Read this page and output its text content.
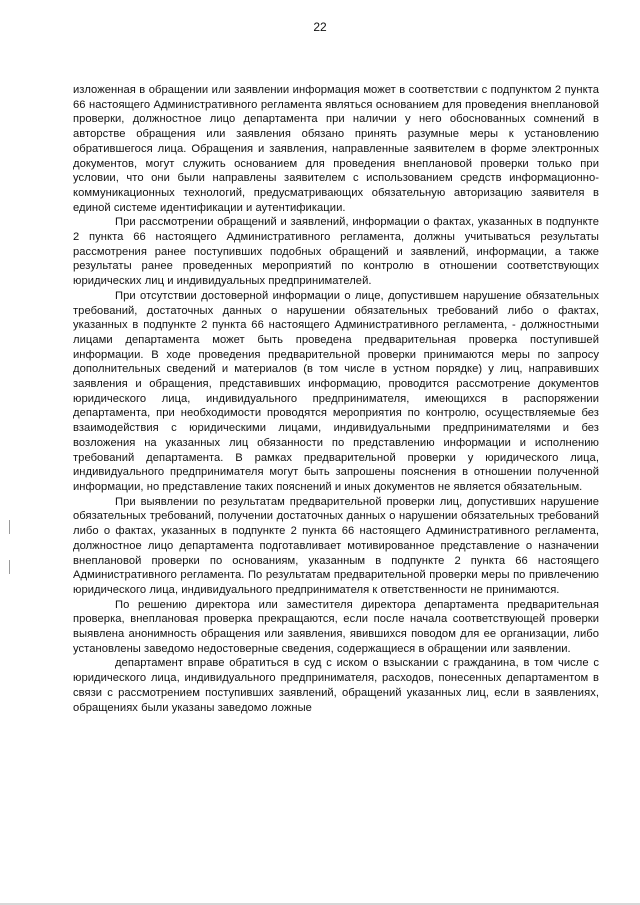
22

изложенная в обращении или заявлении информация может в соответствии с подпунктом 2 пункта 66 настоящего Административного регламента являться основанием для проведения внеплановой проверки, должностное лицо департамента при наличии у него обоснованных сомнений в авторстве обращения или заявления обязано принять разумные меры к установлению обратившегося лица. Обращения и заявления, направленные заявителем в форме электронных документов, могут служить основанием для проведения внеплановой проверки только при условии, что они были направлены заявителем с использованием средств информационно-коммуникационных технологий, предусматривающих обязательную авторизацию заявителя в единой системе идентификации и аутентификации.

При рассмотрении обращений и заявлений, информации о фактах, указанных в подпункте 2 пункта 66 настоящего Административного регламента, должны учитываться результаты рассмотрения ранее поступивших подобных обращений и заявлений, информации, а также результаты ранее проведенных мероприятий по контролю в отношении соответствующих юридических лиц и индивидуальных предпринимателей.

При отсутствии достоверной информации о лице, допустившем нарушение обязательных требований, достаточных данных о нарушении обязательных требований либо о фактах, указанных в подпункте 2 пункта 66 настоящего Административного регламента, - должностными лицами департамента может быть проведена предварительная проверка поступившей информации. В ходе проведения предварительной проверки принимаются меры по запросу дополнительных сведений и материалов (в том числе в устном порядке) у лиц, направивших заявления и обращения, представивших информацию, проводится рассмотрение документов юридического лица, индивидуального предпринимателя, имеющихся в распоряжении департамента, при необходимости проводятся мероприятия по контролю, осуществляемые без взаимодействия с юридическими лицами, индивидуальными предпринимателями и без возложения на указанных лиц обязанности по представлению информации и исполнению требований департамента. В рамках предварительной проверки у юридического лица, индивидуального предпринимателя могут быть запрошены пояснения в отношении полученной информации, но представление таких пояснений и иных документов не является обязательным.

При выявлении по результатам предварительной проверки лиц, допустивших нарушение обязательных требований, получении достаточных данных о нарушении обязательных требований либо о фактах, указанных в подпункте 2 пункта 66 настоящего Административного регламента, должностное лицо департамента подготавливает мотивированное представление о назначении внеплановой проверки по основаниям, указанным в подпункте 2 пункта 66 настоящего Административного регламента. По результатам предварительной проверки меры по привлечению юридического лица, индивидуального предпринимателя к ответственности не принимаются.

По решению директора или заместителя директора департамента предварительная проверка, внеплановая проверка прекращаются, если после начала соответствующей проверки выявлена анонимность обращения или заявления, явившихся поводом для ее организации, либо установлены заведомо недостоверные сведения, содержащиеся в обращении или заявлении.

департамент вправе обратиться в суд с иском о взыскании с гражданина, в том числе с юридического лица, индивидуального предпринимателя, расходов, понесенных департаментом в связи с рассмотрением поступивших заявлений, обращений указанных лиц, если в заявлениях, обращениях были указаны заведомо ложные
